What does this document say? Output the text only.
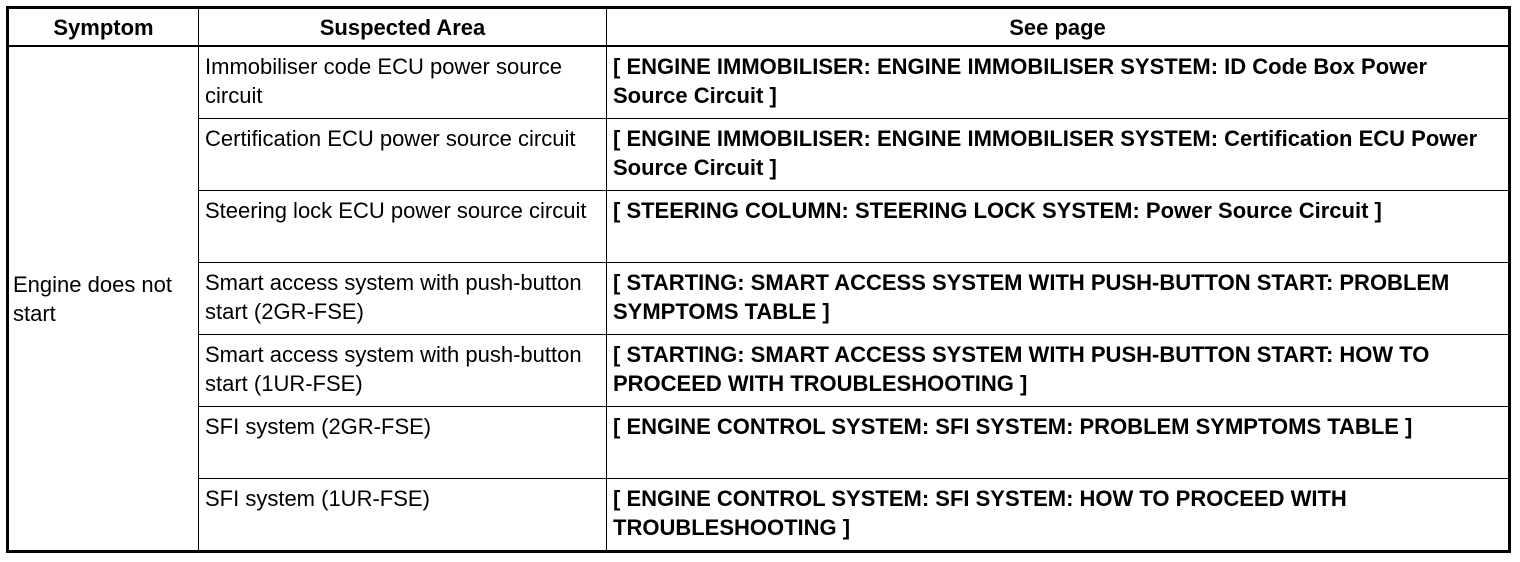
Symptom	Suspected Area	See page
Engine does not start	Immobiliser code ECU power source circuit	[ ENGINE IMMOBILISER: ENGINE IMMOBILISER SYSTEM: ID Code Box Power Source Circuit ]
	Certification ECU power source circuit	[ ENGINE IMMOBILISER: ENGINE IMMOBILISER SYSTEM: Certification ECU Power Source Circuit ]
	Steering lock ECU power source circuit	[ STEERING COLUMN: STEERING LOCK SYSTEM: Power Source Circuit ]
	Smart access system with push-button start (2GR-FSE)	[ STARTING: SMART ACCESS SYSTEM WITH PUSH-BUTTON START: PROBLEM SYMPTOMS TABLE ]
	Smart access system with push-button start (1UR-FSE)	[ STARTING: SMART ACCESS SYSTEM WITH PUSH-BUTTON START: HOW TO PROCEED WITH TROUBLESHOOTING ]
	SFI system (2GR-FSE)	[ ENGINE CONTROL SYSTEM: SFI SYSTEM: PROBLEM SYMPTOMS TABLE ]
	SFI system (1UR-FSE)	[ ENGINE CONTROL SYSTEM: SFI SYSTEM: HOW TO PROCEED WITH TROUBLESHOOTING ]
